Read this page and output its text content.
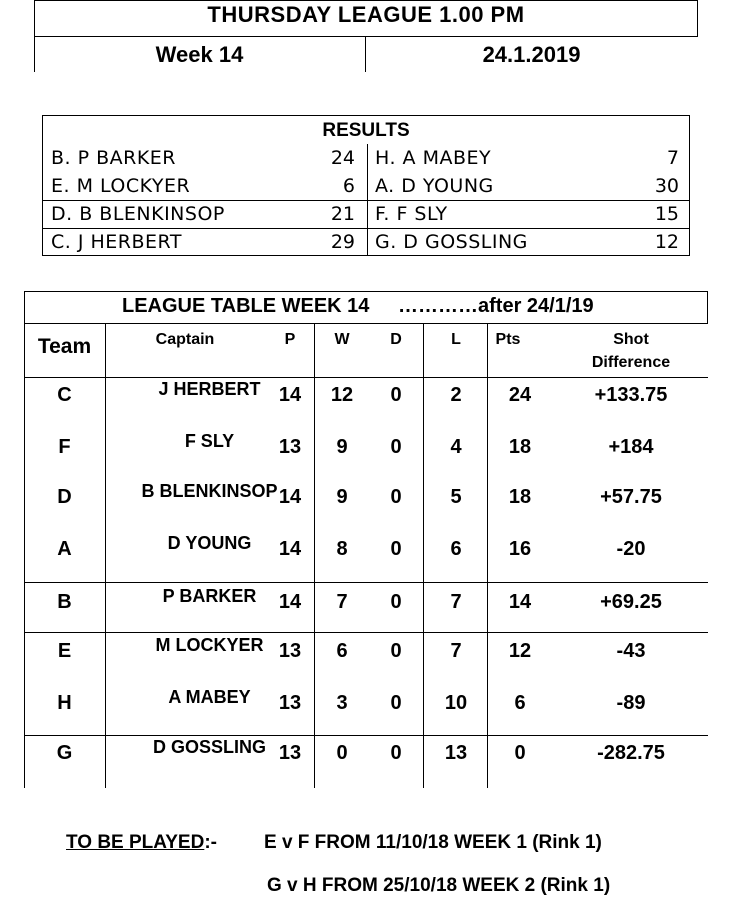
THURSDAY LEAGUE 1.00 PM
Week 14	24.1.2019
RESULTS
B. P BARKER	24 H. A MABEY	7
E. M LOCKYER	6 A. D YOUNG	30
D. B BLENKINSOP	21 F. F SLY	15
C. J HERBERT	29 G. D GOSSLING	12
LEAGUE TABLE WEEK 14 …………after 24/1/19
Team	Captain	P	W	D	L	Pts	Shot
Difference
C	J HERBERT 14	12	0	2	24	+133.75
F	F SLY	13	9	0	4	18	+184
D	B BLENKINSOP 14	9	0	5	18	+57.75
A	D YOUNG	14	8	0	6	16	-20
B	P BARKER	14	7	0	7	14	+69.25
E	M LOCKYER 13	6	0	7	12	-43
H	A MABEY	13	3	0	10	6	-89
G	D GOSSLING 13	0	0	13	0	-282.75
TO BE PLAYED:- E v F FROM 11/10/18 WEEK 1 (Rink 1)
G v H FROM 25/10/18 WEEK 2 (Rink 1)
